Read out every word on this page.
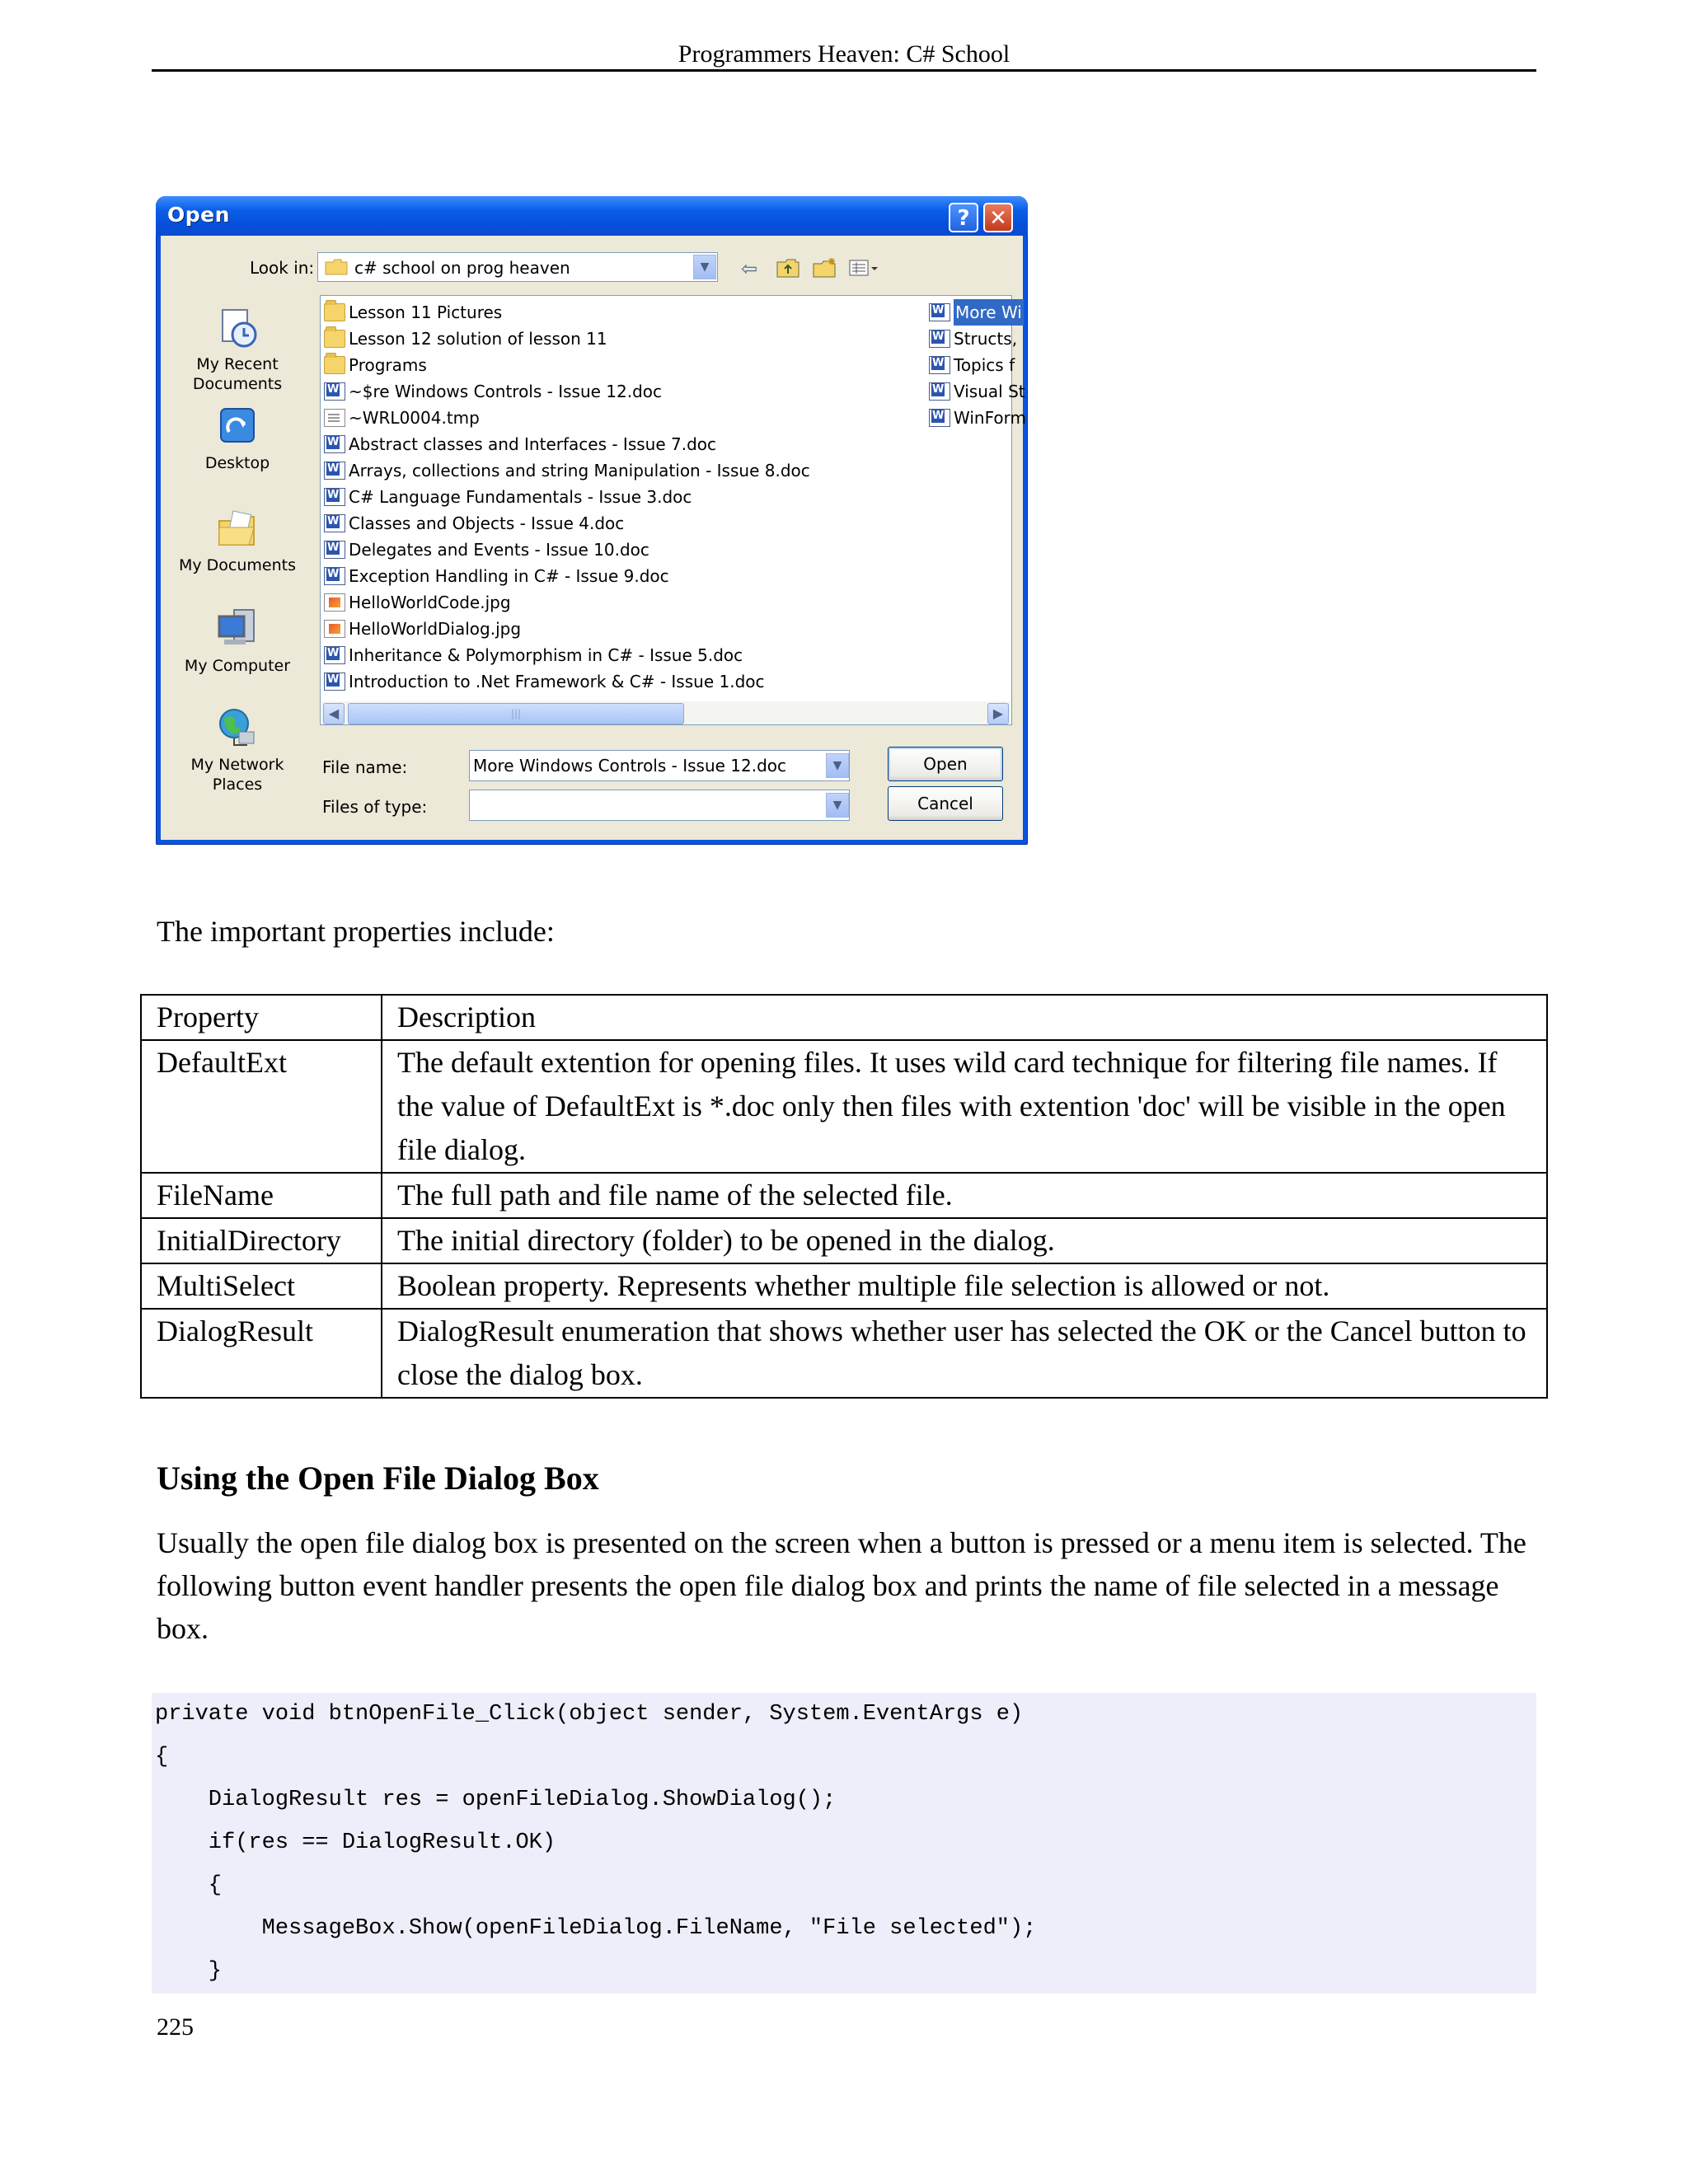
Programmers Heaven: C# School
Open	? ✕
Look in: c# school on prog heaven	▼	⇦
My Recent
Documents
Desktop
My Documents
My Computer
My Network
Places
Lesson 11 Pictures
Lesson 12 solution of lesson 11
Programs
W
~$re Windows Controls - Issue 12.doc
~WRL0004.tmp
W
Abstract classes and Interfaces - Issue 7.doc
W
Arrays, collections and string Manipulation - Issue 8.doc
W
C# Language Fundamentals - Issue 3.doc
W
Classes and Objects - Issue 4.doc
W
Delegates and Events - Issue 10.doc
W
Exception Handling in C# - Issue 9.doc
HelloWorldCode.jpg
HelloWorldDialog.jpg
W
Inheritance & Polymorphism in C# - Issue 5.doc
W
Introduction to .Net Framework & C# - Issue 1.doc
W
More Wi
W
Structs,
W
Topics f
W
Visual St
W
WinForm
◀	|||	▶
File name:	More Windows Controls - Issue 12.doc	▼
Files of type:	▼
Open
Cancel
The important properties include:
Property	Description
DefaultExt	The default extention for opening files. It uses wild card technique for filtering file names. If the value of DefaultExt is *.doc only then files with extention 'doc' will be visible in the open file dialog.
FileName	The full path and file name of the selected file.
InitialDirectory	The initial directory (folder) to be opened in the dialog.
MultiSelect	Boolean property. Represents whether multiple file selection is allowed or not.
DialogResult	DialogResult enumeration that shows whether user has selected the OK or the Cancel button to close the dialog box.
Using the Open File Dialog Box
Usually the open file dialog box is presented on the screen when a button is pressed or a menu item is selected. The following button event handler presents the open file dialog box and prints the name of file selected in a message box.
private void btnOpenFile_Click(object sender, System.EventArgs e)
{
DialogResult res = openFileDialog.ShowDialog();
if(res == DialogResult.OK)
{
MessageBox.Show(openFileDialog.FileName, "File selected");
}
225
